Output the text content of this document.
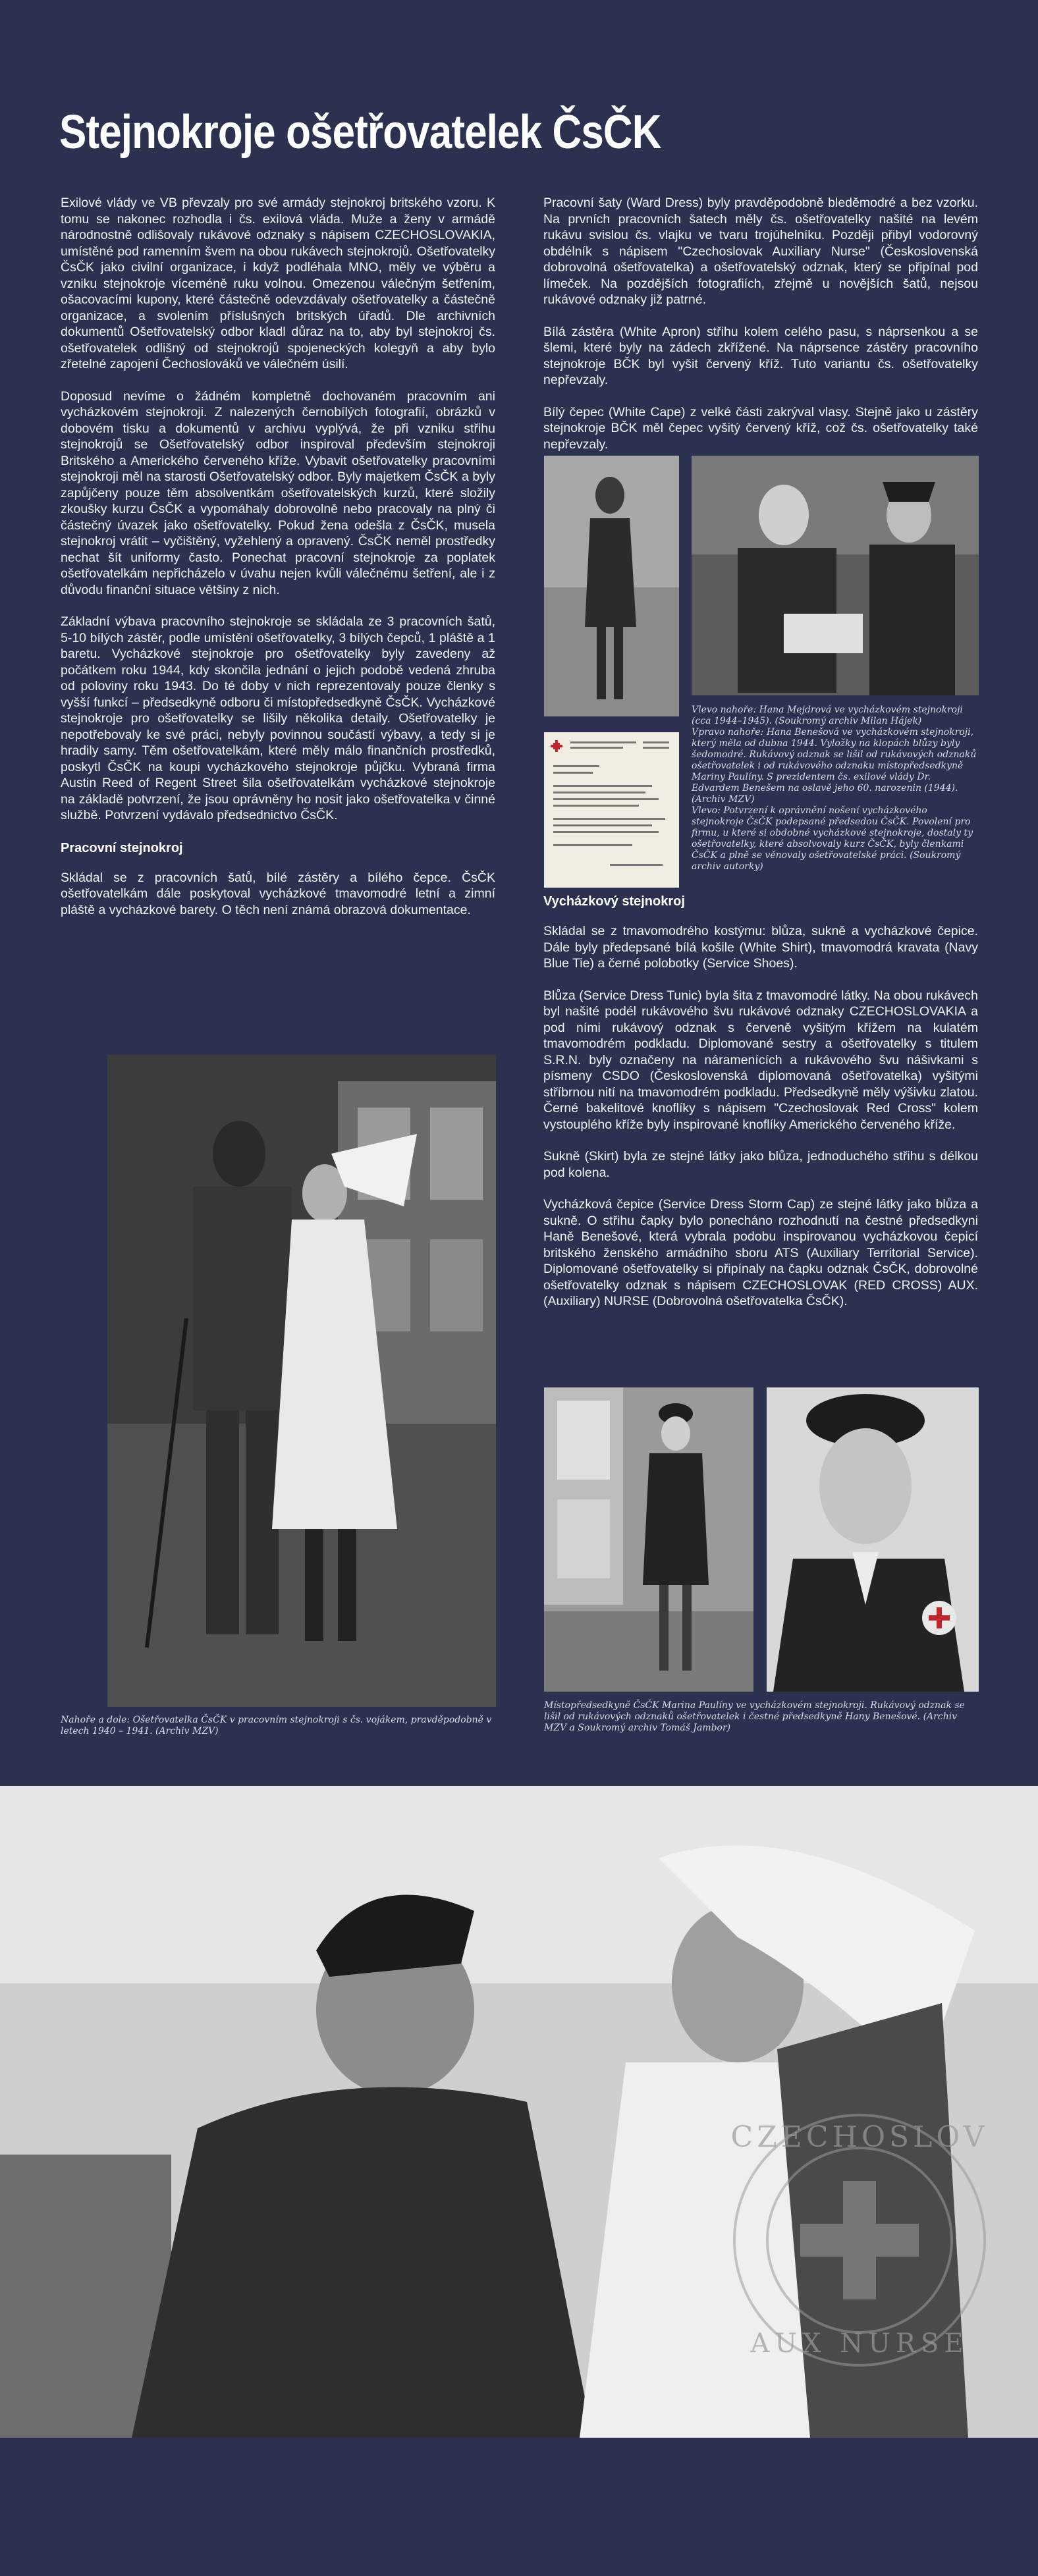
Stejnokroje ošetřovatelek ČsČK

Exilové vlády ve VB převzaly pro své armády stejnokroj britského vzoru. K tomu se nakonec rozhodla i čs. exilová vláda. Muže a ženy v armádě národnostně odlišovaly rukávové odznaky s nápisem CZECHOSLOVAKIA, umístěné pod ramenním švem na obou rukávech stejnokrojů. Ošetřovatelky ČsČK jako civilní organizace, i když podléhala MNO, měly ve výběru a vzniku stejnokroje víceméně ruku volnou. Omezenou válečným šetřením, ošacovacími kupony, které částečně odevzdávaly ošetřovatelky a částečně organizace, a svolením příslušných britských úřadů. Dle archivních dokumentů Ošetřovatelský odbor kladl důraz na to, aby byl stejnokroj čs. ošetřovatelek odlišný od stejnokrojů spojeneckých kolegyň a aby bylo zřetelné zapojení Čechoslováků ve válečném úsilí.

Doposud nevíme o žádném kompletně dochovaném pracovním ani vycházkovém stejnokroji. Z nalezených černobílých fotografií, obrázků v dobovém tisku a dokumentů v archivu vyplývá, že při vzniku střihu stejnokrojů se Ošetřovatelský odbor inspiroval především stejnokroji Britského a Amerického červeného kříže. Vybavit ošetřovatelky pracovními stejnokroji měl na starosti Ošetřovatelský odbor. Byly majetkem ČsČK a byly zapůjčeny pouze těm absolventkám ošetřovatelských kurzů, které složily zkoušky kurzu ČsČK a vypomáhaly dobrovolně nebo pracovaly na plný či částečný úvazek jako ošetřovatelky. Pokud žena odešla z ČsČK, musela stejnokroj vrátit – vyčištěný, vyžehlený a opravený. ČsČK neměl prostředky nechat šít uniformy často. Ponechat pracovní stejnokroje za poplatek ošetřovatelkám nepřicházelo v úvahu nejen kvůli válečnému šetření, ale i z důvodu finanční situace většiny z nich.

Základní výbava pracovního stejnokroje se skládala ze 3 pracovních šatů, 5-10 bílých zástěr, podle umístění ošetřovatelky, 3 bílých čepců, 1 pláště a 1 baretu. Vycházkové stejnokroje pro ošetřovatelky byly zavedeny až počátkem roku 1944, kdy skončila jednání o jejich podobě vedená zhruba od poloviny roku 1943. Do té doby v nich reprezentovaly pouze členky s vyšší funkcí – předsedkyně odboru či místopředsedkyně ČsČK. Vycházkové stejnokroje pro ošetřovatelky se lišily několika detaily. Ošetřovatelky je nepotřebovaly ke své práci, nebyly povinnou součástí výbavy, a tedy si je hradily samy. Těm ošetřovatelkám, které měly málo finančních prostředků, poskytl ČsČK na koupi vycházkového stejnokroje půjčku. Vybraná firma Austin Reed of Regent Street šila ošetřovatelkám vycházkové stejnokroje na základě potvrzení, že jsou oprávněny ho nosit jako ošetřovatelka v činné službě. Potvrzení vydávalo předsednictvo ČsČK.

Pracovní stejnokroj

Skládal se z pracovních šatů, bílé zástěry a bílého čepce. ČsČK ošetřovatelkám dále poskytoval vycházkové tmavomodré letní a zimní pláště a vycházkové barety. O těch není známá obrazová dokumentace.

Nahoře a dole: Ošetřovatelka ČsČK v pracovním stejnokroji s čs. vojákem, pravděpodobně v letech 1940 – 1941. (Archiv MZV)

Pracovní šaty (Ward Dress) byly pravděpodobně bleděmodré a bez vzorku. Na prvních pracovních šatech měly čs. ošetřovatelky našité na levém rukávu svislou čs. vlajku ve tvaru trojúhelníku. Později přibyl vodorovný obdélník s nápisem "Czechoslovak Auxiliary Nurse" (Československá dobrovolná ošetřovatelka) a ošetřovatelský odznak, který se připínal pod límeček. Na pozdějších fotografiích, zřejmě u novějších šatů, nejsou rukávové odznaky již patrné.

Bílá zástěra (White Apron) střihu kolem celého pasu, s náprsenkou a se šlemi, které byly na zádech zkřížené. Na náprsence zástěry pracovního stejnokroje BČK byl vyšit červený kříž. Tuto variantu čs. ošetřovatelky nepřevzaly.

Bílý čepec (White Cape) z velké části zakrýval vlasy. Stejně jako u zástěry stejnokroje BČK měl čepec vyšitý červený kříž, což čs. ošetřovatelky také nepřevzaly.

Vlevo nahoře: Hana Mejdrová ve vycházkovém stejnokroji (cca 1944–1945). (Soukromý archiv Milan Hájek)
Vpravo nahoře: Hana Benešová ve vycházkovém stejnokroji, který měla od dubna 1944. Vyložky na klopách blůzy byly šedomodré. Rukávový odznak se lišil od rukávových odznaků ošetřovatelek i od rukávového odznaku místopředsedkyně Mariny Paulíny. S prezidentem čs. exilové vlády Dr. Edvardem Benešem na oslavě jeho 60. narozenin (1944). (Archiv MZV)
Vlevo: Potvrzení k oprávnění nošení vycházkového stejnokroje ČsČK podepsané předsedou ČsČK. Povolení pro firmu, u které si obdobné vycházkové stejnokroje, dostaly ty ošetřovatelky, které absolvovaly kurz ČsČK, byly členkami ČsČK a plně se věnovaly ošetřovatelské práci. (Soukromý archiv autorky)

Vycházkový stejnokroj

Skládal se z tmavomodrého kostýmu: blůza, sukně a vycházkové čepice. Dále byly předepsané bílá košile (White Shirt), tmavomodrá kravata (Navy Blue Tie) a černé polobotky (Service Shoes).

Blůza (Service Dress Tunic) byla šita z tmavomodré látky. Na obou rukávech byl našité podél rukávového švu rukávové odznaky CZECHOSLOVAKIA a pod ními rukávový odznak s červeně vyšitým křížem na kulatém tmavomodrém podkladu. Diplomované sestry a ošetřovatelky s titulem S.R.N. byly označeny na náramenících a rukávového švu nášivkami s písmeny CSDO (Československá diplomovaná ošetřovatelka) vyšitými stříbrnou nití na tmavomodrém podkladu. Předsedkyně měly výšivku zlatou. Černé bakelitové knoflíky s nápisem "Czechoslovak Red Cross" kolem vystouplého kříže byly inspirované knoflíky Amerického červeného kříže.

Sukně (Skirt) byla ze stejné látky jako blůza, jednoduchého střihu s délkou pod kolena.

Vycházková čepice (Service Dress Storm Cap) ze stejné látky jako blůza a sukně. O střihu čapky bylo ponecháno rozhodnutí na čestné předsedkyni Haně Benešové, která vybrala podobu inspirovanou vycházkovou čepicí britského ženského armádního sboru ATS (Auxiliary Territorial Service). Diplomované ošetřovatelky si připínaly na čapku odznak ČsČK, dobrovolné ošetřovatelky odznak s nápisem CZECHOSLOVAK (RED CROSS) AUX. (Auxiliary) NURSE (Dobrovolná ošetřovatelka ČsČK).

Místopředsedkyně ČsČK Marina Paulíny ve vycházkovém stejnokroji. Rukávový odznak se lišil od rukávových odznaků ošetřovatelek i čestné předsedkyně Hany Benešové. (Archiv MZV a Soukromý archiv Tomáš Jambor)

CZECHOSLOV
AUX NURSE
